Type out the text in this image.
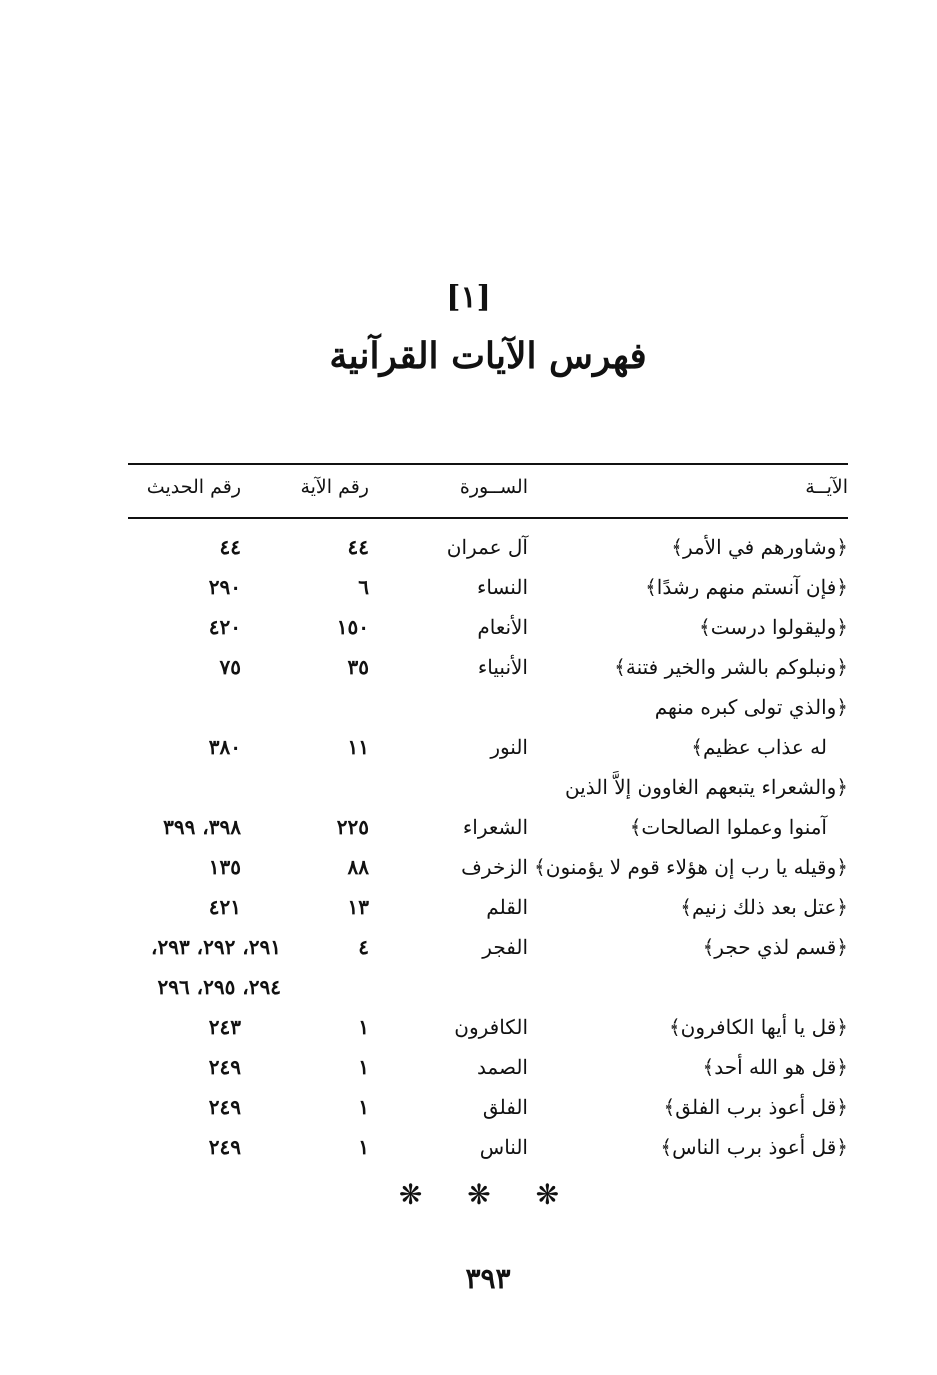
[١]
فهرس الآيات القرآنية
الآيــة
الســورة
رقم الآية
رقم الحديث
﴿وشاورهم في الأمر﴾
آل عمران
٤٤
٤٤
﴿فإن آنستم منهم رشدًا﴾
النساء
٦
٢٩٠
﴿وليقولوا درست﴾
الأنعام
١٥٠
٤٢٠
﴿ونبلوكم بالشر والخير فتنة﴾
الأنبياء
٣٥
٧٥
﴿والذي تولى كبره منهم
له عذاب عظيم﴾
النور
١١
٣٨٠
﴿والشعراء يتبعهم الغاوون إلاَّ الذين
آمنوا وعملوا الصالحات﴾
الشعراء
٢٢٥
٣٩٨، ٣٩٩
﴿وقيله يا رب إن هؤلاء قوم لا يؤمنون﴾
الزخرف
٨٨
١٣٥
﴿عتل بعد ذلك زنيم﴾
القلم
١٣
٤٢١
﴿قسم لذي حجر﴾
الفجر
٤
٢٩١، ٢٩٢، ٢٩٣،
٢٩٤، ٢٩٥، ٢٩٦
﴿قل يا أيها الكافرون﴾
الكافرون
١
٢٤٣
﴿قل هو الله أحد﴾
الصمد
١
٢٤٩
﴿قل أعوذ برب الفلق﴾
الفلق
١
٢٤٩
﴿قل أعوذ برب الناس﴾
الناس
١
٢٤٩
❋ ❋ ❋
٣٩٣
